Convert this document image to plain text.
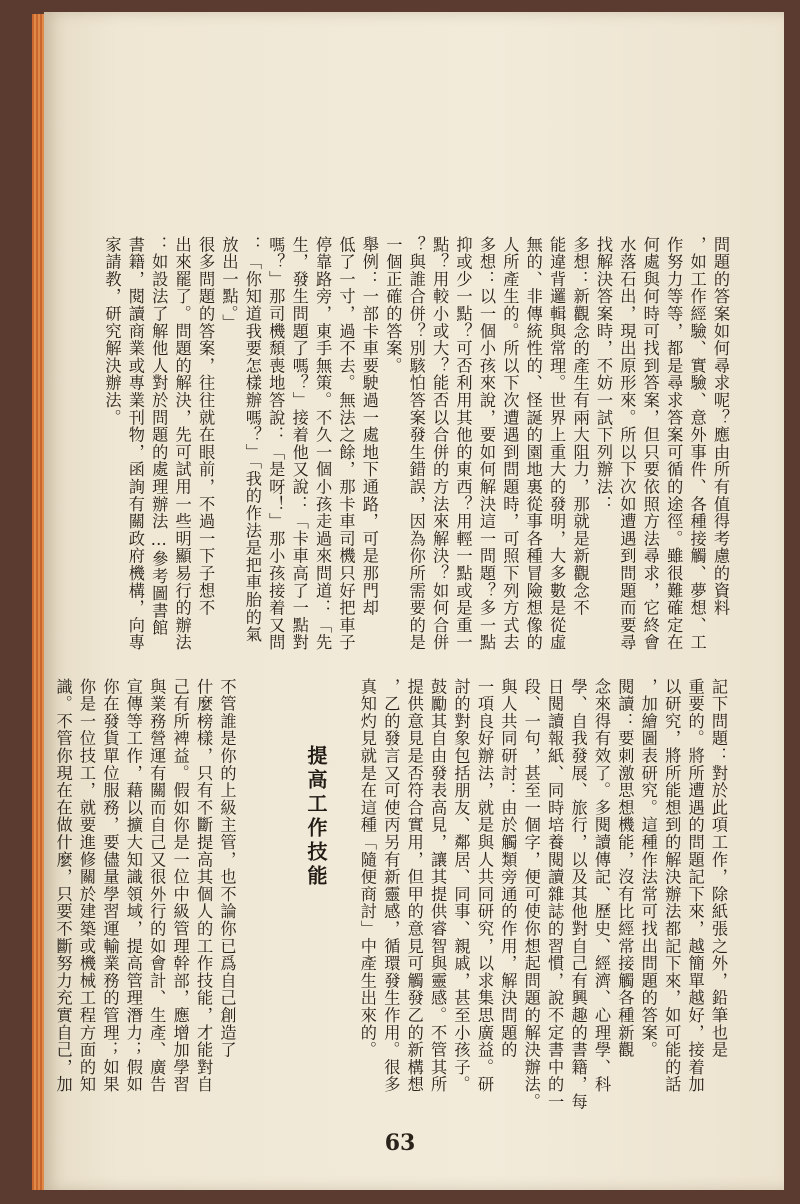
問題的答案如何尋求呢？應由所有值得考慮的資料
，如工作經驗、實驗、意外事件、各種接觸、夢想、工
作努力等等，都是尋求答案可循的途徑。雖很難確定在
何處與何時可找到答案，但只要依照方法尋求，它終會
水落石出，現出原形來。所以下次如遭遇到問題而要尋
找解決答案時，不妨一試下列辦法：
多想：新觀念的產生有兩大阻力，那就是新觀念不
能違背邏輯與常理。世界上重大的發明，大多數是從虛
無的、非傳統性的、怪誕的園地裏從事各種冒險想像的
人所產生的。所以下次遭遇到問題時，可照下列方式去
多想：以一個小孩來說，要如何解決這一問題？多一點
抑或少一點？可否利用其他的東西？用輕一點或是重一
點？用較小或大？能否以合併的方法來解決？如何合併
？與誰合併？別駭怕答案發生錯誤，因為你所需要的是
一個正確的答案。
舉例：一部卡車要駛過一處地下通路，可是那門却
低了一寸，過不去。無法之餘，那卡車司機只好把車子
停靠路旁，東手無策。不久一個小孩走過來問道：「先
生，發生問題了嗎？」接着他又說：「卡車高了一點對
嗎？」那司機頹喪地答說：「是呀！」那小孩接着又問
：「你知道我要怎樣辦嗎？」「我的作法是把車胎的氣
放出一點。」
很多問題的答案，往往就在眼前，不過一下子想不
出來罷了。問題的解決，先可試用一些明顯易行的辦法
：如設法了解他人對於問題的處理辦法…參考圖書館
書籍，閱讀商業或專業刊物，函詢有關政府機構，向專
家請教，研究解決辦法。
記下問題：對於此項工作，除紙張之外，鉛筆也是
重要的。將所遭遇的問題記下來，越簡單越好，接着加
以研究，將所能想到的解決辦法都記下來，如可能的話
，加繪圖表研究。這種作法常可找出問題的答案。
閱讀：要刺激思想機能，沒有比經常接觸各種新觀
念來得有效了。多閱讀傳記、歷史、經濟、心理學、科
學、自我發展、旅行，以及其他對自己有興趣的書籍，每
日閱讀報紙、同時培養閱讀雜誌的習慣，說不定書中的一
段、一句，甚至一個字，便可使你想起問題的解決辦法。
與人共同研討：由於觸類旁通的作用，解決問題的
一項良好辦法，就是與人共同研究，以求集思廣益。研
討的對象包括朋友、鄰居、同事、親戚，甚至小孩子。
鼓勵其自由發表高見，讓其提供睿智與靈感。不管其所
提供意見是否符合實用，但甲的意見可觸發乙的新構想
，乙的發言又可使丙另有新靈感，循環發生作用。很多
真知灼見就是在這種「隨便商討」中產生出來的。

不管誰是你的上級主管，也不論你已爲自己創造了
什麼榜樣，只有不斷提高其個人的工作技能，才能對自
己有所裨益。假如你是一位中級管理幹部，應增加學習
與業務營運有關而自己又很外行的如會計、生產、廣告
宣傳等工作，藉以擴大知識領域，提高管理潛力；假如
你在發貨單位服務，要儘量學習運輸業務的管理；如果
你是一位技工，就要進修關於建築或機械工程方面的知
識。不管你現在在做什麼，只要不斷努力充實自己，加	提高工作技能
63
